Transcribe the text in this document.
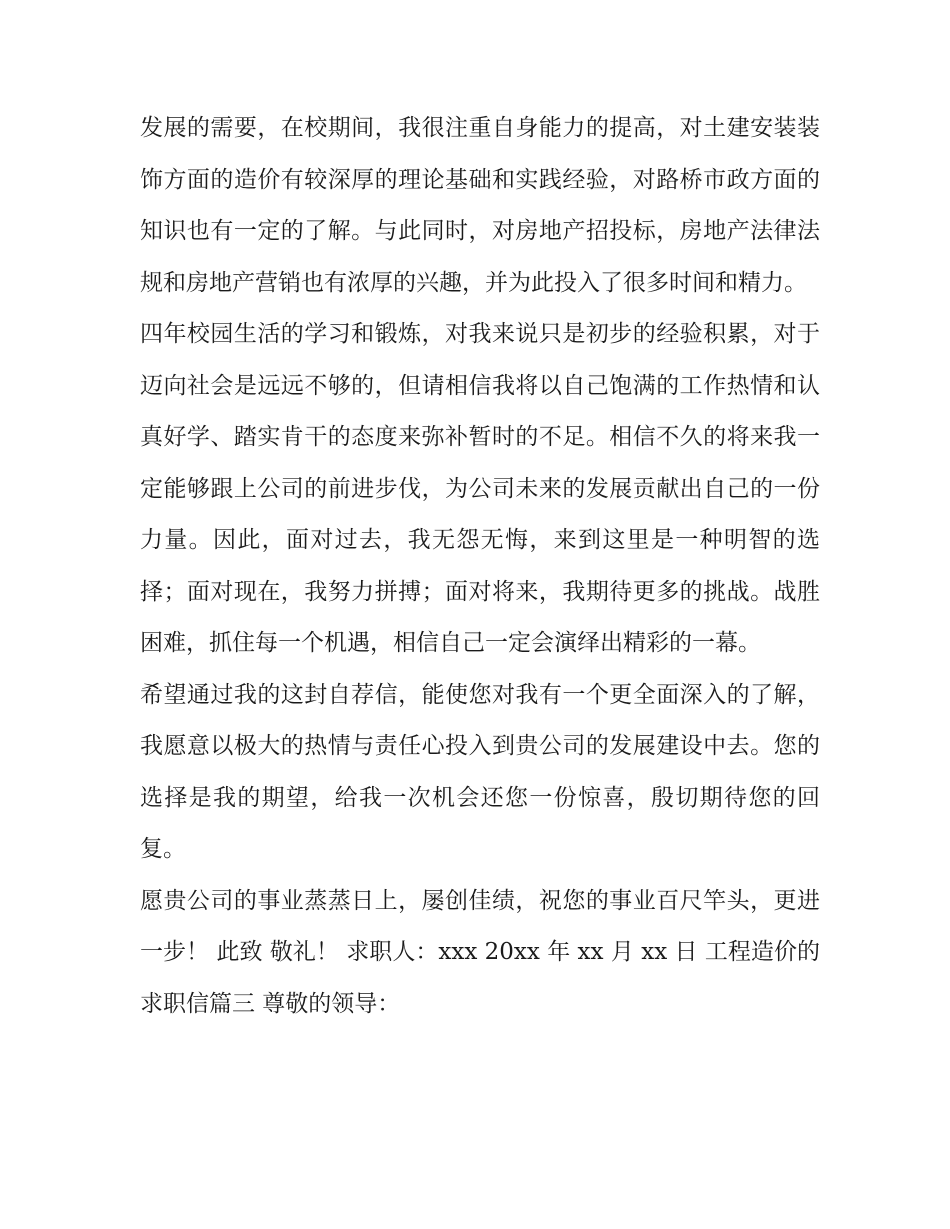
发展的需要，在校期间，我很注重自身能力的提高，对土建安装装饰方面的造价有较深厚的理论基础和实践经验，对路桥市政方面的知识也有一定的了解。与此同时，对房地产招投标，房地产法律法规和房地产营销也有浓厚的兴趣，并为此投入了很多时间和精力。

四年校园生活的学习和锻炼，对我来说只是初步的经验积累，对于迈向社会是远远不够的，但请相信我将以自己饱满的工作热情和认真好学、踏实肯干的态度来弥补暂时的不足。相信不久的将来我一定能够跟上公司的前进步伐，为公司未来的发展贡献出自己的一份力量。因此，面对过去，我无怨无悔，来到这里是一种明智的选择；面对现在，我努力拼搏；面对将来，我期待更多的挑战。战胜困难，抓住每一个机遇，相信自己一定会演绎出精彩的一幕。

希望通过我的这封自荐信，能使您对我有一个更全面深入的了解，我愿意以极大的热情与责任心投入到贵公司的发展建设中去。您的选择是我的期望，给我一次机会还您一份惊喜，殷切期待您的回复。

愿贵公司的事业蒸蒸日上，屡创佳绩，祝您的事业百尺竿头，更进一步！ 此致 敬礼！ 求职人：xxx 20xx 年 xx 月 xx 日 工程造价的求职信篇三 尊敬的领导：
